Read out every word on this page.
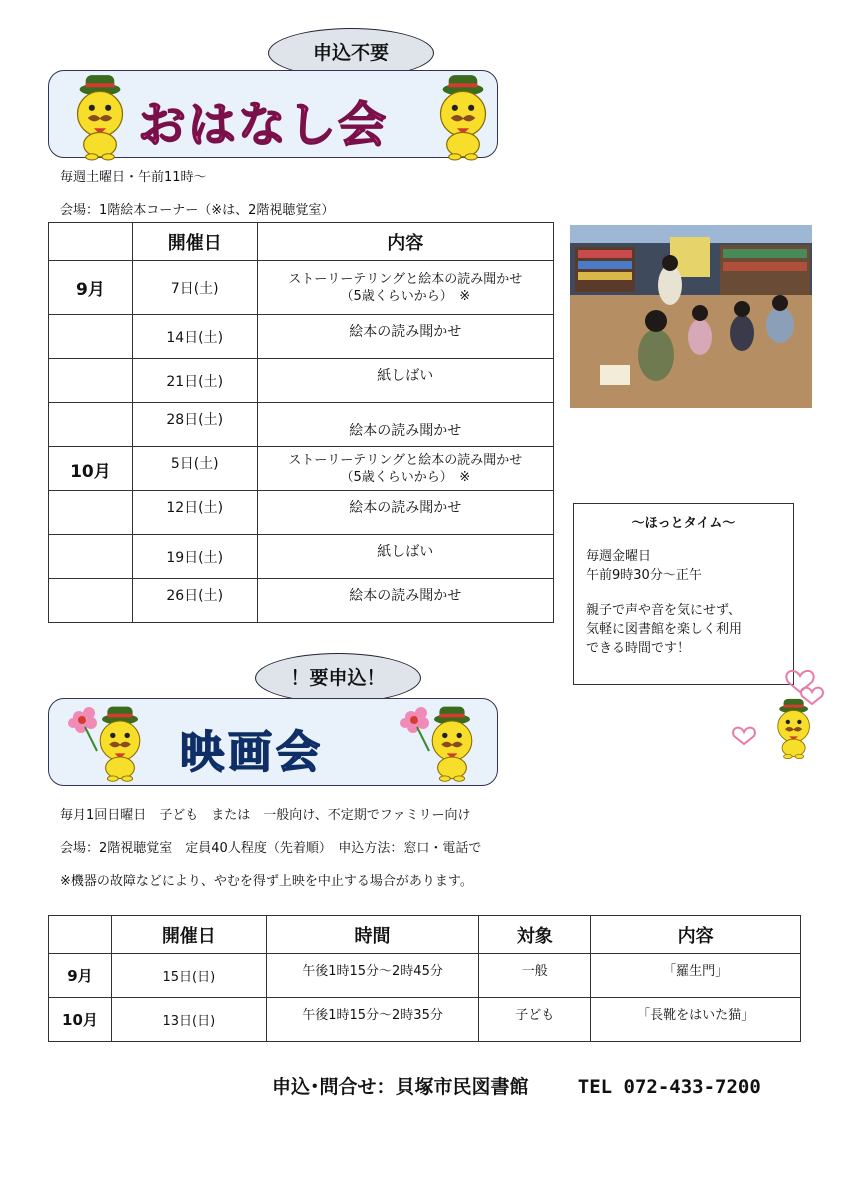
申込不要
おはなし会
毎週土曜日・午前11時～
会場：1階絵本コーナー（※は、2階視聴覚室）
	開催日	内容
9月	7日(土)	ストーリーテリングと絵本の読み聞かせ
（5歳くらいから）　※
	14日(土)	絵本の読み聞かせ
	21日(土)	紙しばい
	28日(土)	絵本の読み聞かせ
10月	5日(土)	ストーリーテリングと絵本の読み聞かせ
（5歳くらいから）　※
	12日(土)	絵本の読み聞かせ
	19日(土)	紙しばい
	26日(土)	絵本の読み聞かせ
～ほっとタイム～
毎週金曜日
午前9時30分～正午
親子で声や音を気にせず、
気軽に図書館を楽しく利用
できる時間です！
！要申込！
映画会
毎月1回日曜日　子ども　または　一般向け、不定期でファミリー向け
会場：2階視聴覚室　定員40人程度（先着順）　申込方法：窓口・電話で
※機器の故障などにより、やむを得ず上映を中止する場合があります。
	開催日	時間	対象	内容
9月	15日(日)	午後1時15分～2時45分	一般	「羅生門」
10月	13日(日)	午後1時15分～2時35分	子ども	「長靴をはいた猫」
申込･問合せ：貝塚市民図書館	TEL 072-433-7200
